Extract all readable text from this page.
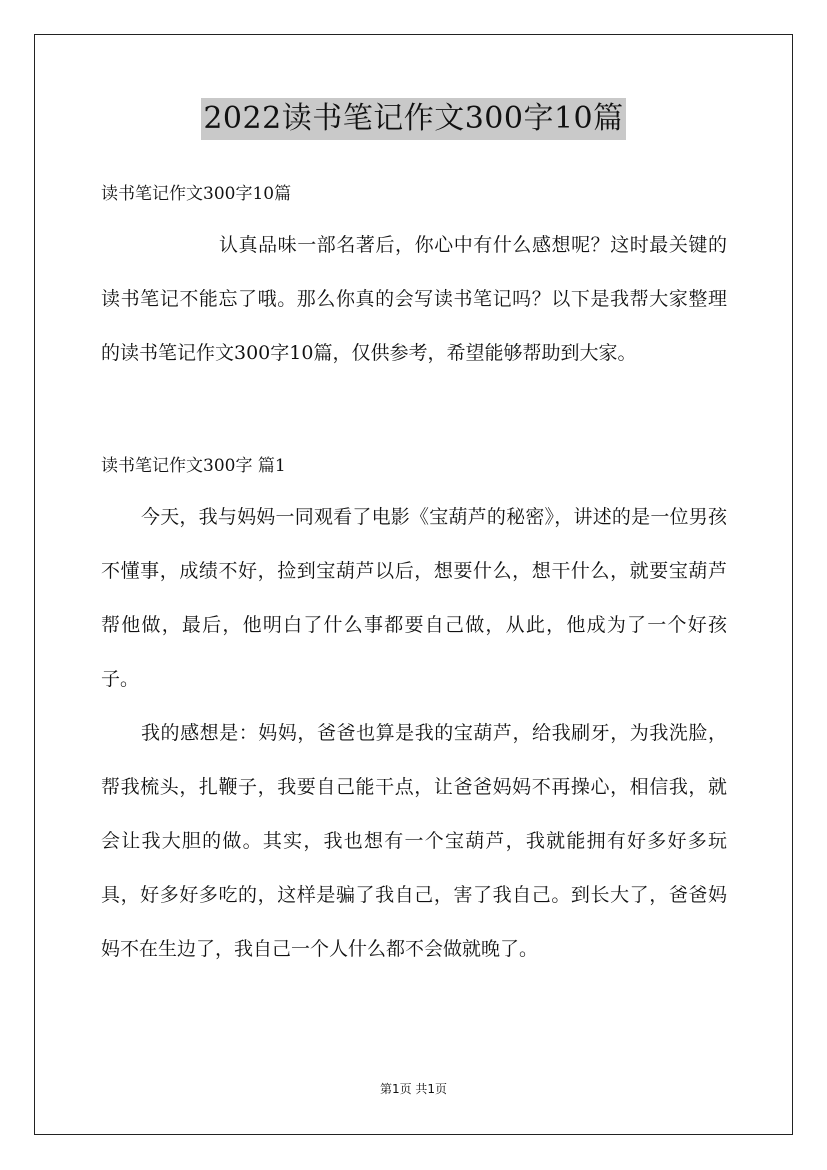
2022读书笔记作文300字10篇

读书笔记作文300字10篇

认真品味一部名著后，你心中有什么感想呢？这时最关键的读书笔记不能忘了哦。那么你真的会写读书笔记吗？以下是我帮大家整理的读书笔记作文300字10篇，仅供参考，希望能够帮助到大家。

读书笔记作文300字 篇1

今天，我与妈妈一同观看了电影《宝葫芦的秘密》，讲述的是一位男孩不懂事，成绩不好，捡到宝葫芦以后，想要什么，想干什么，就要宝葫芦帮他做，最后，他明白了什么事都要自己做，从此，他成为了一个好孩子。

我的感想是：妈妈，爸爸也算是我的宝葫芦，给我刷牙，为我洗脸，帮我梳头，扎鞭子，我要自己能干点，让爸爸妈妈不再操心，相信我，就会让我大胆的做。其实，我也想有一个宝葫芦，我就能拥有好多好多玩具，好多好多吃的，这样是骗了我自己，害了我自己。到长大了，爸爸妈妈不在生边了，我自己一个人什么都不会做就晚了。

第1页 共1页
